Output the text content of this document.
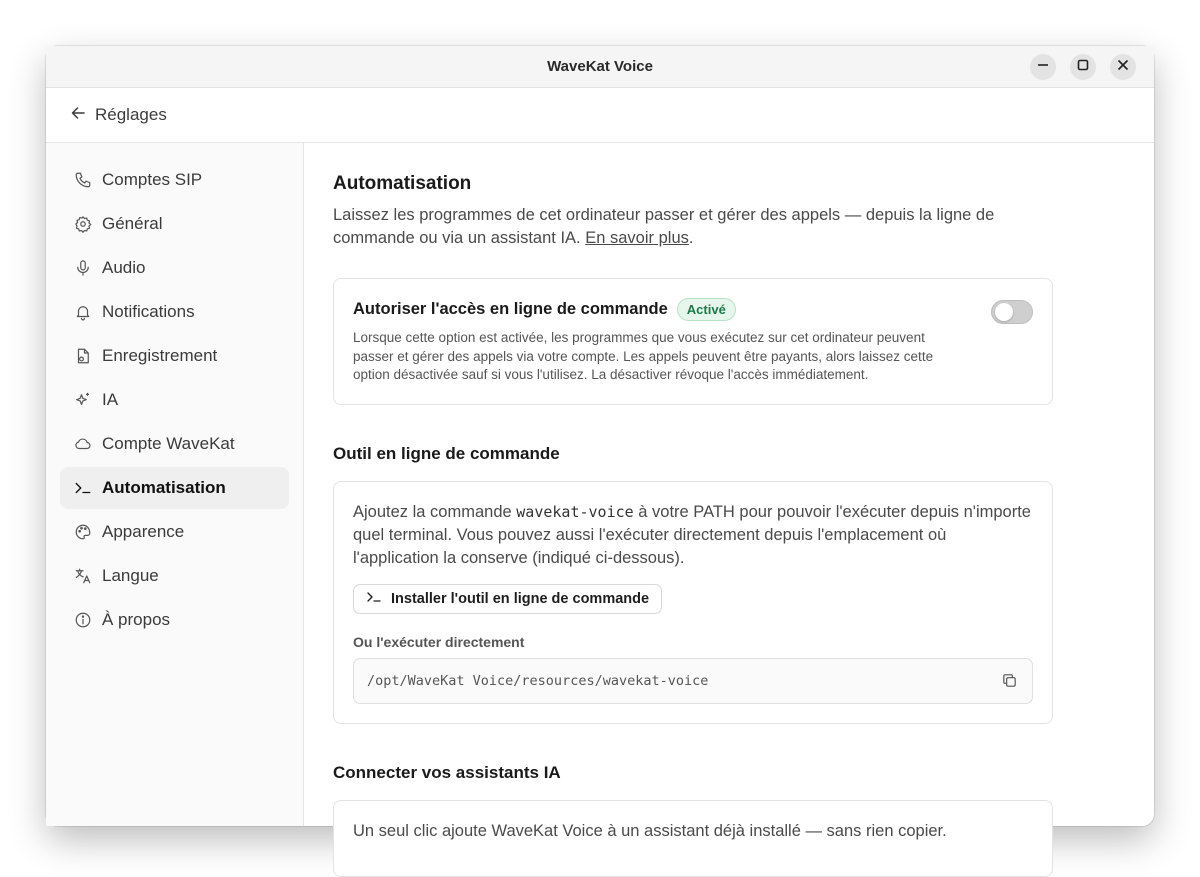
WaveKat Voice
Réglages
Comptes SIP
Général
Audio
Notifications
Enregistrement
IA
Compte WaveKat
Automatisation
Apparence
Langue
À propos
Automatisation

Laissez les programmes de cet ordinateur passer et gérer des appels — depuis la ligne de commande ou via un assistant IA. En savoir plus.

Autoriser l'accès en ligne de commande	Activé

Lorsque cette option est activée, les programmes que vous exécutez sur cet ordinateur peuvent passer et gérer des appels via votre compte. Les appels peuvent être payants, alors laissez cette option désactivée sauf si vous l'utilisez. La désactiver révoque l'accès immédiatement.

Outil en ligne de commande

Ajoutez la commande wavekat-voice à votre PATH pour pouvoir l'exécuter depuis n'importe quel terminal. Vous pouvez aussi l'exécuter directement depuis l'emplacement où l'application la conserve (indiqué ci-dessous).

Installer l'outil en ligne de commande
Ou l'exécuter directement
/opt/WaveKat Voice/resources/wavekat-voice
Connecter vos assistants IA

Un seul clic ajoute WaveKat Voice à un assistant déjà installé — sans rien copier.
